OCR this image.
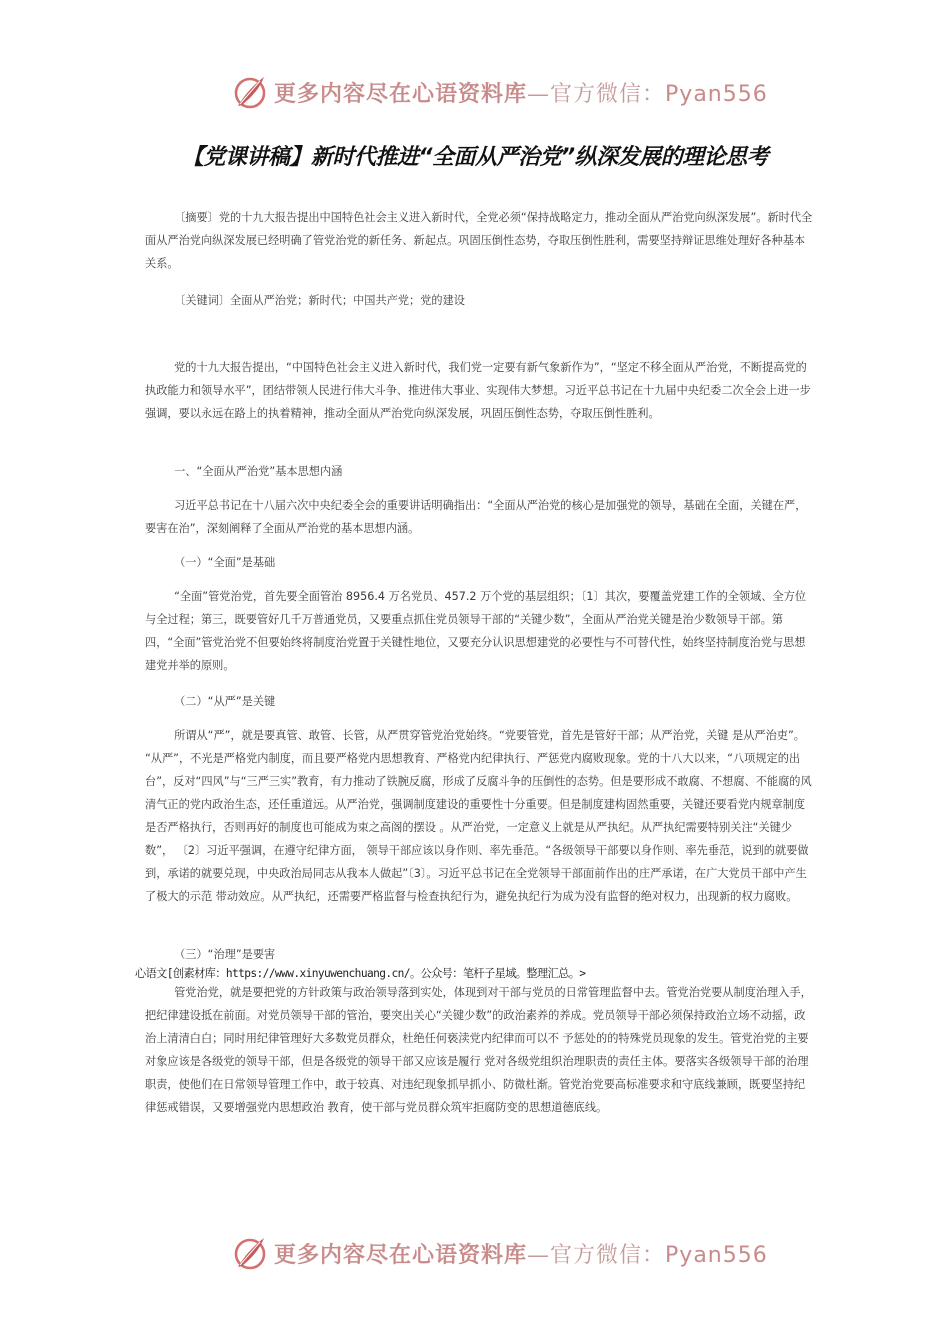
更多内容尽在心语资料库—官方微信：Pyan556
【党课讲稿】新时代推进“全面从严治党”纵深发展的理论思考

〔摘要〕党的十九大报告提出中国特色社会主义进入新时代，全党必须“保持战略定力，推动全面从严治党向纵深发展”。新时代全面从严治党向纵深发展已经明确了管党治党的新任务、新起点。巩固压倒性态势，夺取压倒性胜利，需要坚持辩证思维处理好各种基本关系。

〔关键词〕全面从严治党；新时代；中国共产党；党的建设

党的十九大报告提出，“中国特色社会主义进入新时代，我们党一定要有新气象新作为”，“坚定不移全面从严治党，不断提高党的执政能力和领导水平”，团结带领人民进行伟大斗争、推进伟大事业、实现伟大梦想。习近平总书记在十九届中央纪委二次全会上进一步强调，要以永远在路上的执着精神，推动全面从严治党向纵深发展，巩固压倒性态势，夺取压倒性胜利。

一、“全面从严治党”基本思想内涵

习近平总书记在十八届六次中央纪委全会的重要讲话明确指出：“全面从严治党的核心是加强党的领导，基础在全面，关键在严，要害在治”，深刻阐释了全面从严治党的基本思想内涵。

（一）“全面”是基础

“全面”管党治党，首先要全面管治 8956.4 万名党员、457.2 万个党的基层组织；〔1〕其次，要覆盖党建工作的全领域、全方位与全过程；第三，既要管好几千万普通党员，又要重点抓住党员领导干部的“关键少数”，全面从严治党关键是治少数领导干部。第四，“全面”管党治党不但要始终将制度治党置于关键性地位，又要充分认识思想建党的必要性与不可替代性，始终坚持制度治党与思想建党并举的原则。

（二）“从严”是关键

所谓从“严”，就是要真管、敢管、长管，从严贯穿管党治党始终。“党要管党，首先是管好干部；从严治党，关键 是从严治吏”。 “从严”，不光是严格党内制度，而且要严格党内思想教育、严格党内纪律执行、严惩党内腐败现象。党的十八大以来，“八项规定的出台”，反对“四风”与“三严三实”教育，有力推动了铁腕反腐，形成了反腐斗争的压倒性的态势。但是要形成不敢腐、不想腐、不能腐的风清气正的党内政治生态，还任重道远。从严治党，强调制度建设的重要性十分重要。但是制度建构固然重要，关键还要看党内规章制度是否严格执行，否则再好的制度也可能成为束之高阁的摆设 。从严治党，一定意义上就是从严执纪。从严执纪需要特别关注“关键少数”， 〔2〕习近平强调，在遵守纪律方面， 领导干部应该以身作则、率先垂范。“各级领导干部要以身作则、率先垂范，说到的就要做到，承诺的就要兑现，中央政治局同志从我本人做起”〔3〕。习近平总书记在全党领导干部面前作出的庄严承诺，在广大党员干部中产生了极大的示范 带动效应。从严执纪，还需要严格监督与检查执纪行为，避免执纪行为成为没有监督的绝对权力，出现新的权力腐败。

（三）“治理”是要害

心语文[创素材库：https://www.xinyuwenchuang.cn/。公众号：笔杆子星域。整理汇总。>

管党治党，就是要把党的方针政策与政治领导落到实处，体现到对干部与党员的日常管理监督中去。管党治党要从制度治理入手，把纪律建设抵在前面。对党员领导干部的管治，要突出关心“关键少数”的政治素养的养成。党员领导干部必须保持政治立场不动摇，政治上清清白白；同时用纪律管理好大多数党员群众，杜绝任何亵渎党内纪律而可以不 予惩处的的特殊党员现象的发生。管党治党的主要对象应该是各级党的领导干部，但是各级党的领导干部又应该是履行 党对各级党组织治理职责的责任主体。要落实各级领导干部的治理职责，使他们在日常领导管理工作中，敢于较真、对违纪现象抓早抓小、防微杜渐。管党治党要高标准要求和守底线兼顾，既要坚持纪律惩戒错误，又要增强党内思想政治 教育，使干部与党员群众筑牢拒腐防变的思想道德底线。

更多内容尽在心语资料库—官方微信：Pyan556
